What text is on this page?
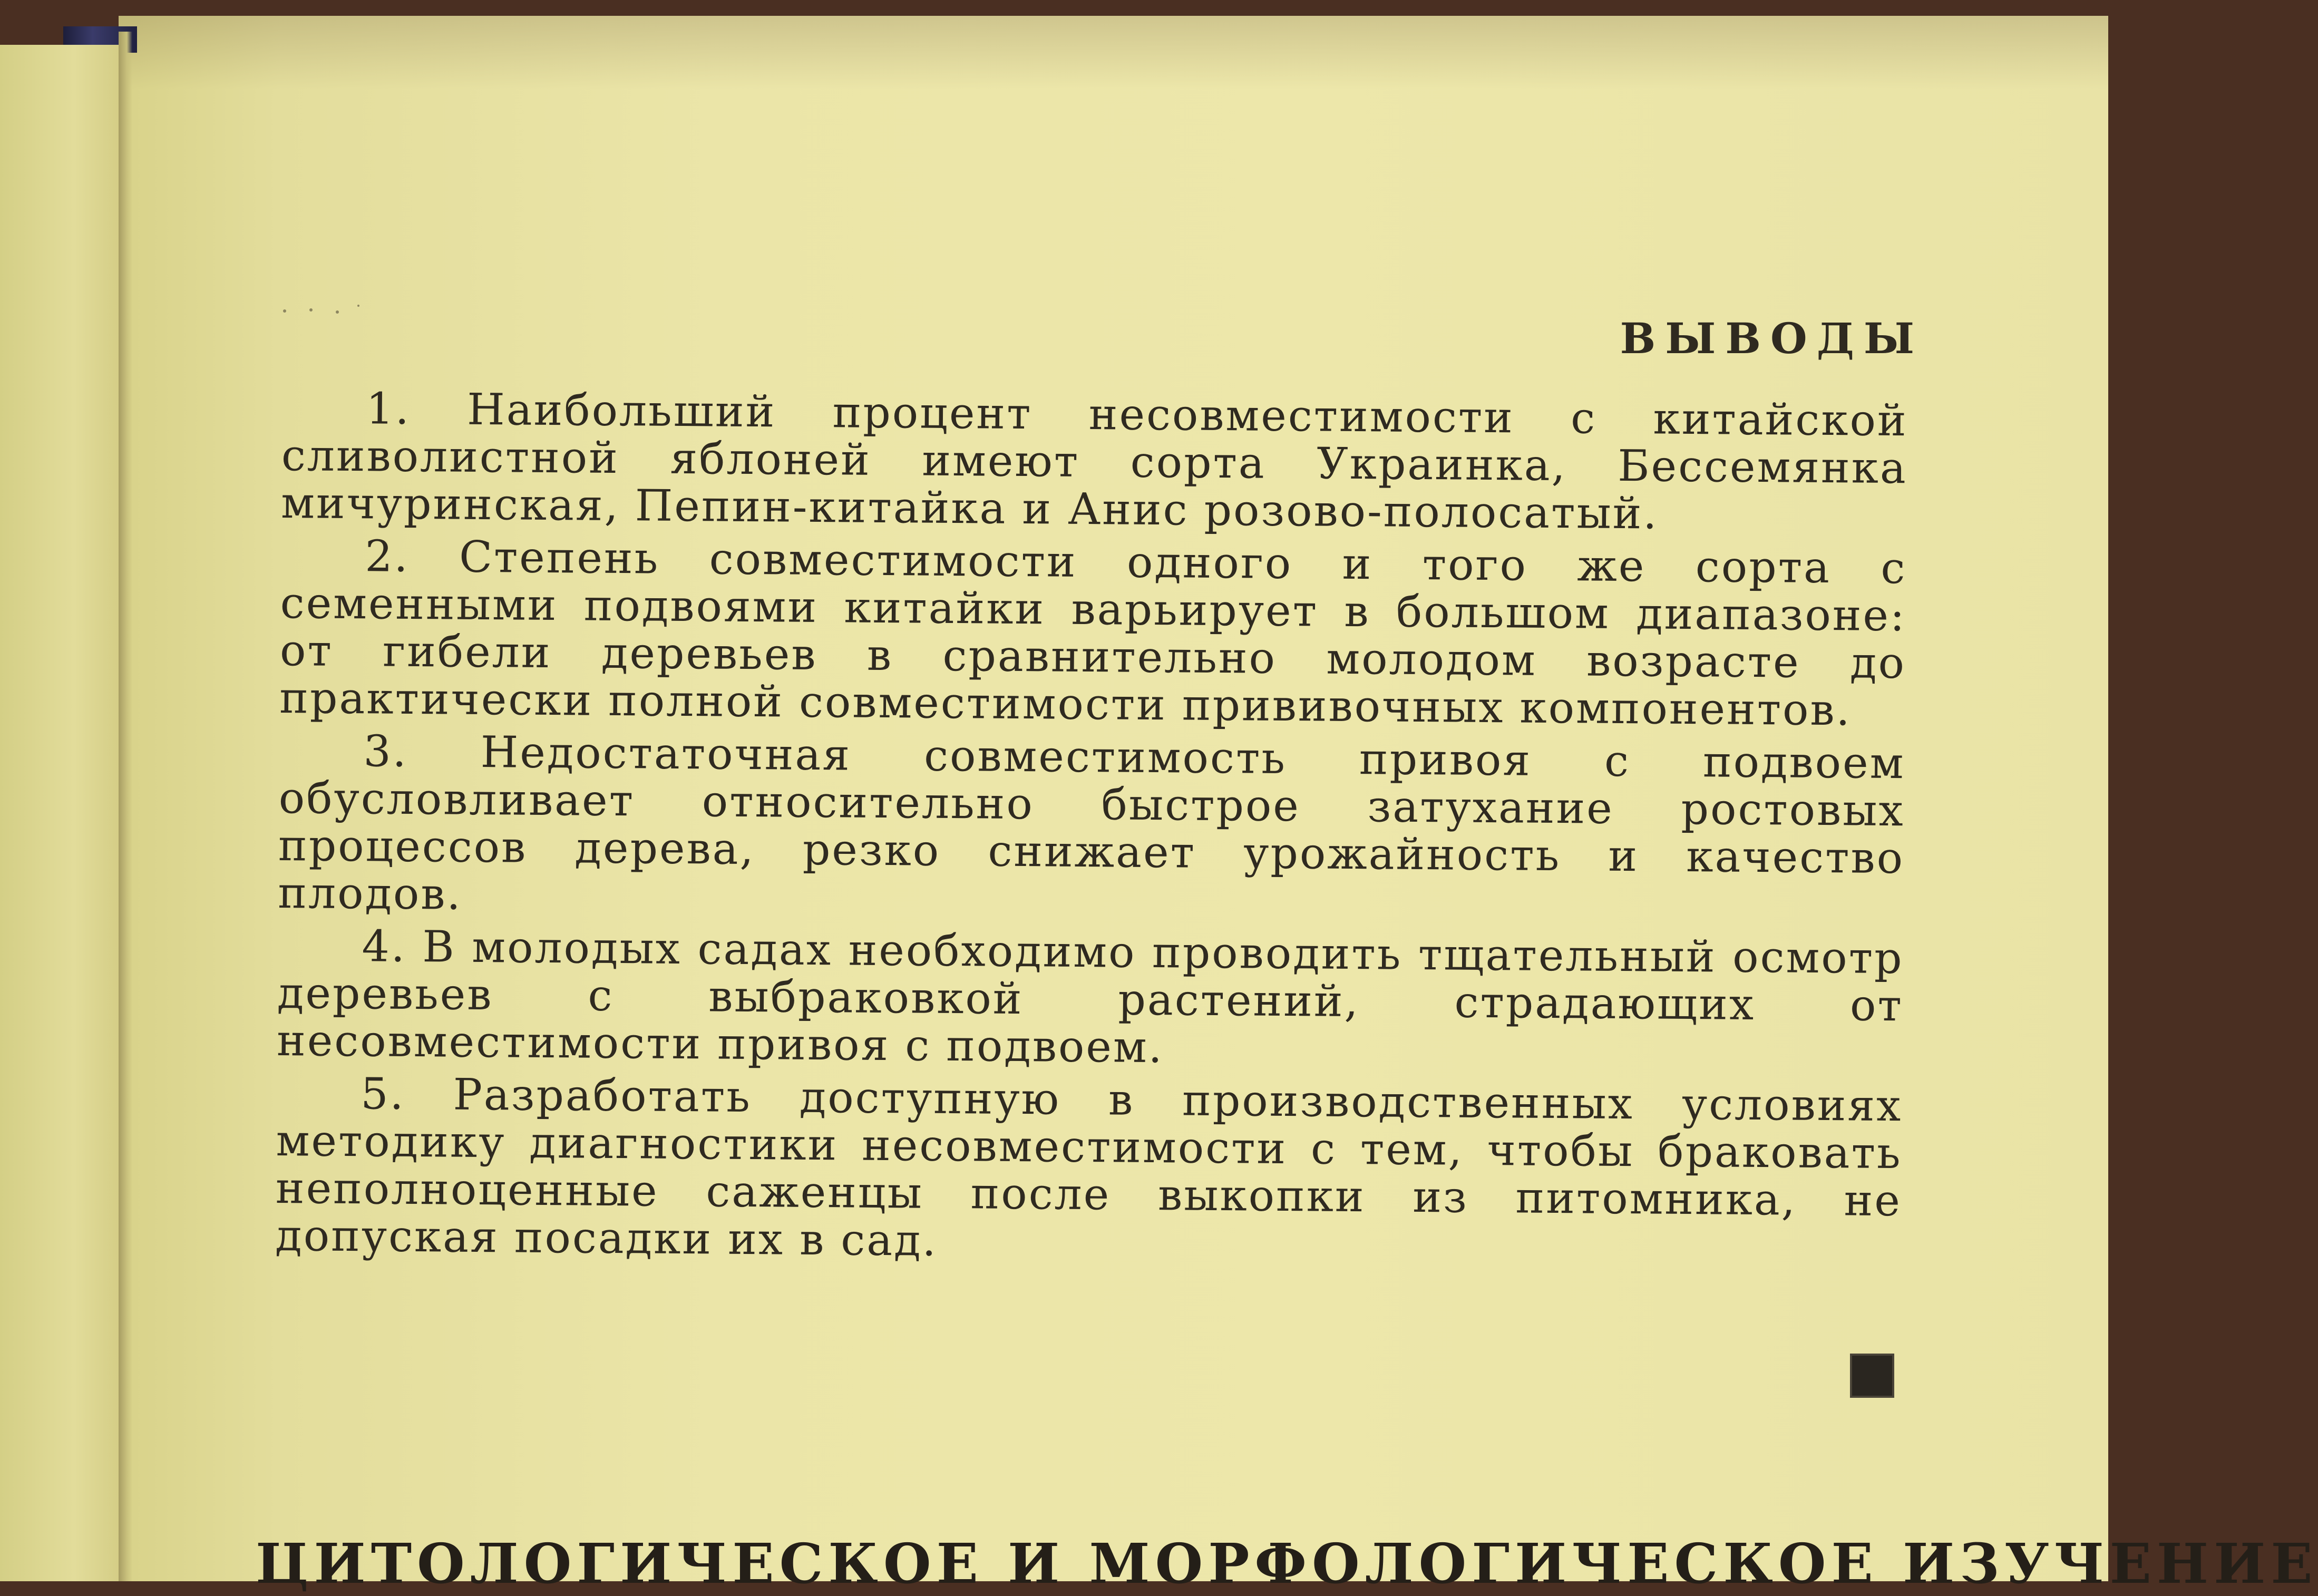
ВЫВОДЫ

1. Наибольший процент несовместимости с китайской сливолистной яблоней имеют сорта Украинка, Бессемянка мичуринская, Пепин-китайка и Анис розово-полосатый.

2. Степень совместимости одного и того же сорта с семенными подвоями китайки варьирует в большом диапазоне: от гибели деревьев в сравнительно молодом возрасте до практически полной совместимости прививочных компонентов.

3. Недостаточная совместимость привоя с подвоем обусловливает относительно быстрое затухание ростовых процессов дерева, резко снижает урожайность и качество плодов.

4. В молодых садах необходимо проводить тщательный осмотр деревьев с выбраковкой растений, страдающих от несовместимости привоя с подвоем.

5. Разработать доступную в производственных условиях методику диагностики несовместимости с тем, чтобы браковать неполноценные саженцы после выкопки из питомника, не допуская посадки их в сад.

ЦИТОЛОГИЧЕСКОЕ И МОРФОЛОГИЧЕСКОЕ ИЗУЧЕНИЕ
